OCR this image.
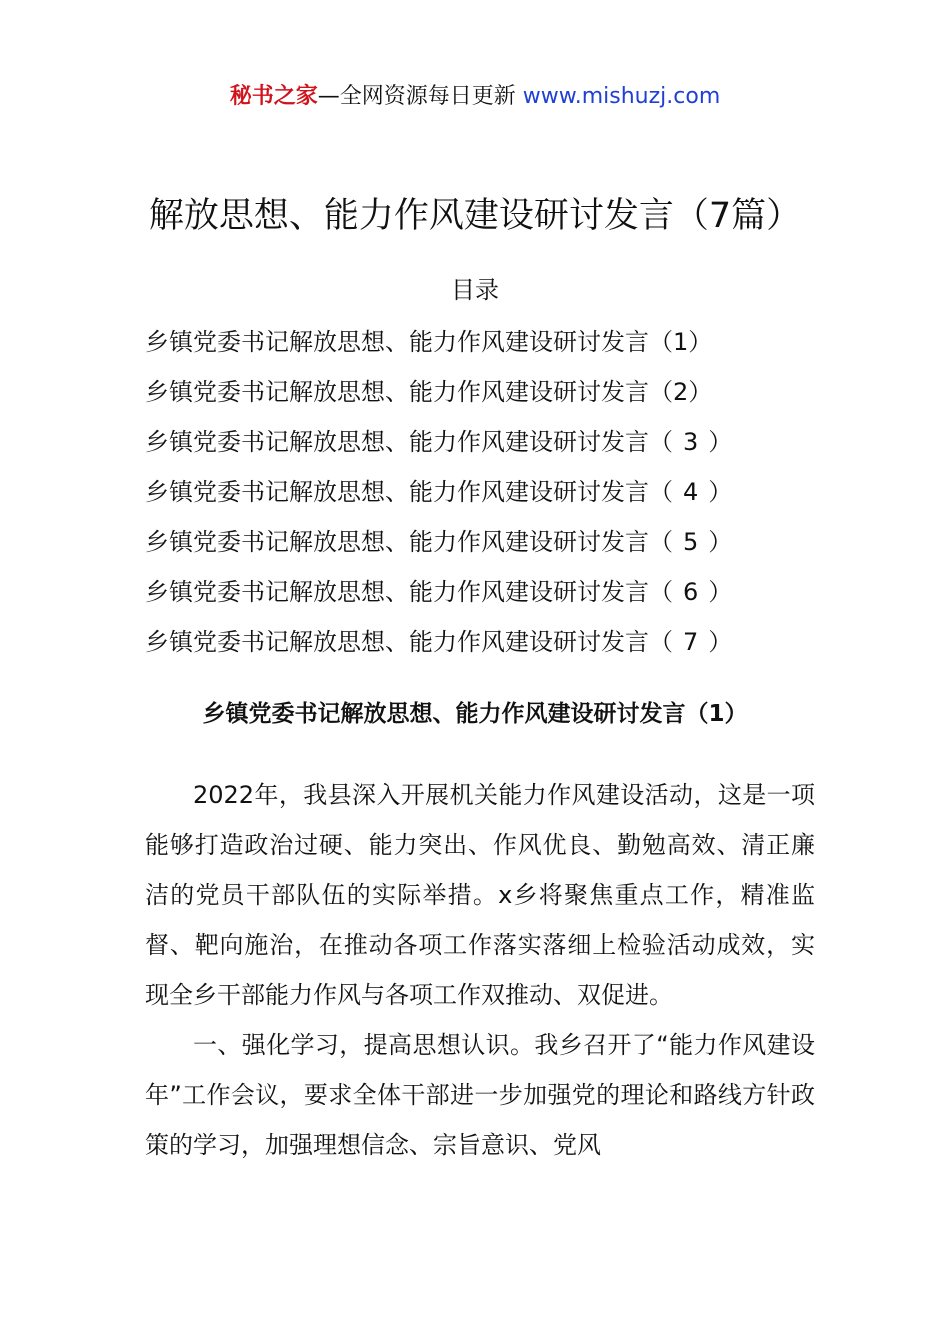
秘书之家—全网资源每日更新 www.mishuzj.com
解放思想、能力作风建设研讨发言（7篇）
目录
乡镇党委书记解放思想、能力作风建设研讨发言（1）
乡镇党委书记解放思想、能力作风建设研讨发言（2）
乡镇党委书记解放思想、能力作风建设研讨发言（ 3 ）
乡镇党委书记解放思想、能力作风建设研讨发言（ 4 ）
乡镇党委书记解放思想、能力作风建设研讨发言（ 5 ）
乡镇党委书记解放思想、能力作风建设研讨发言（ 6 ）
乡镇党委书记解放思想、能力作风建设研讨发言（ 7 ）
乡镇党委书记解放思想、能力作风建设研讨发言（1）

2022年，我县深入开展机关能力作风建设活动，这是一项能够打造政治过硬、能力突出、作风优良、勤勉高效、清正廉洁的党员干部队伍的实际举措。x乡将聚焦重点工作，精准监督、靶向施治，在推动各项工作落实落细上检验活动成效，实现全乡干部能力作风与各项工作双推动、双促进。

一、强化学习，提高思想认识。我乡召开了“能力作风建设年”工作会议，要求全体干部进一步加强党的理论和路线方针政策的学习，加强理想信念、宗旨意识、党风
